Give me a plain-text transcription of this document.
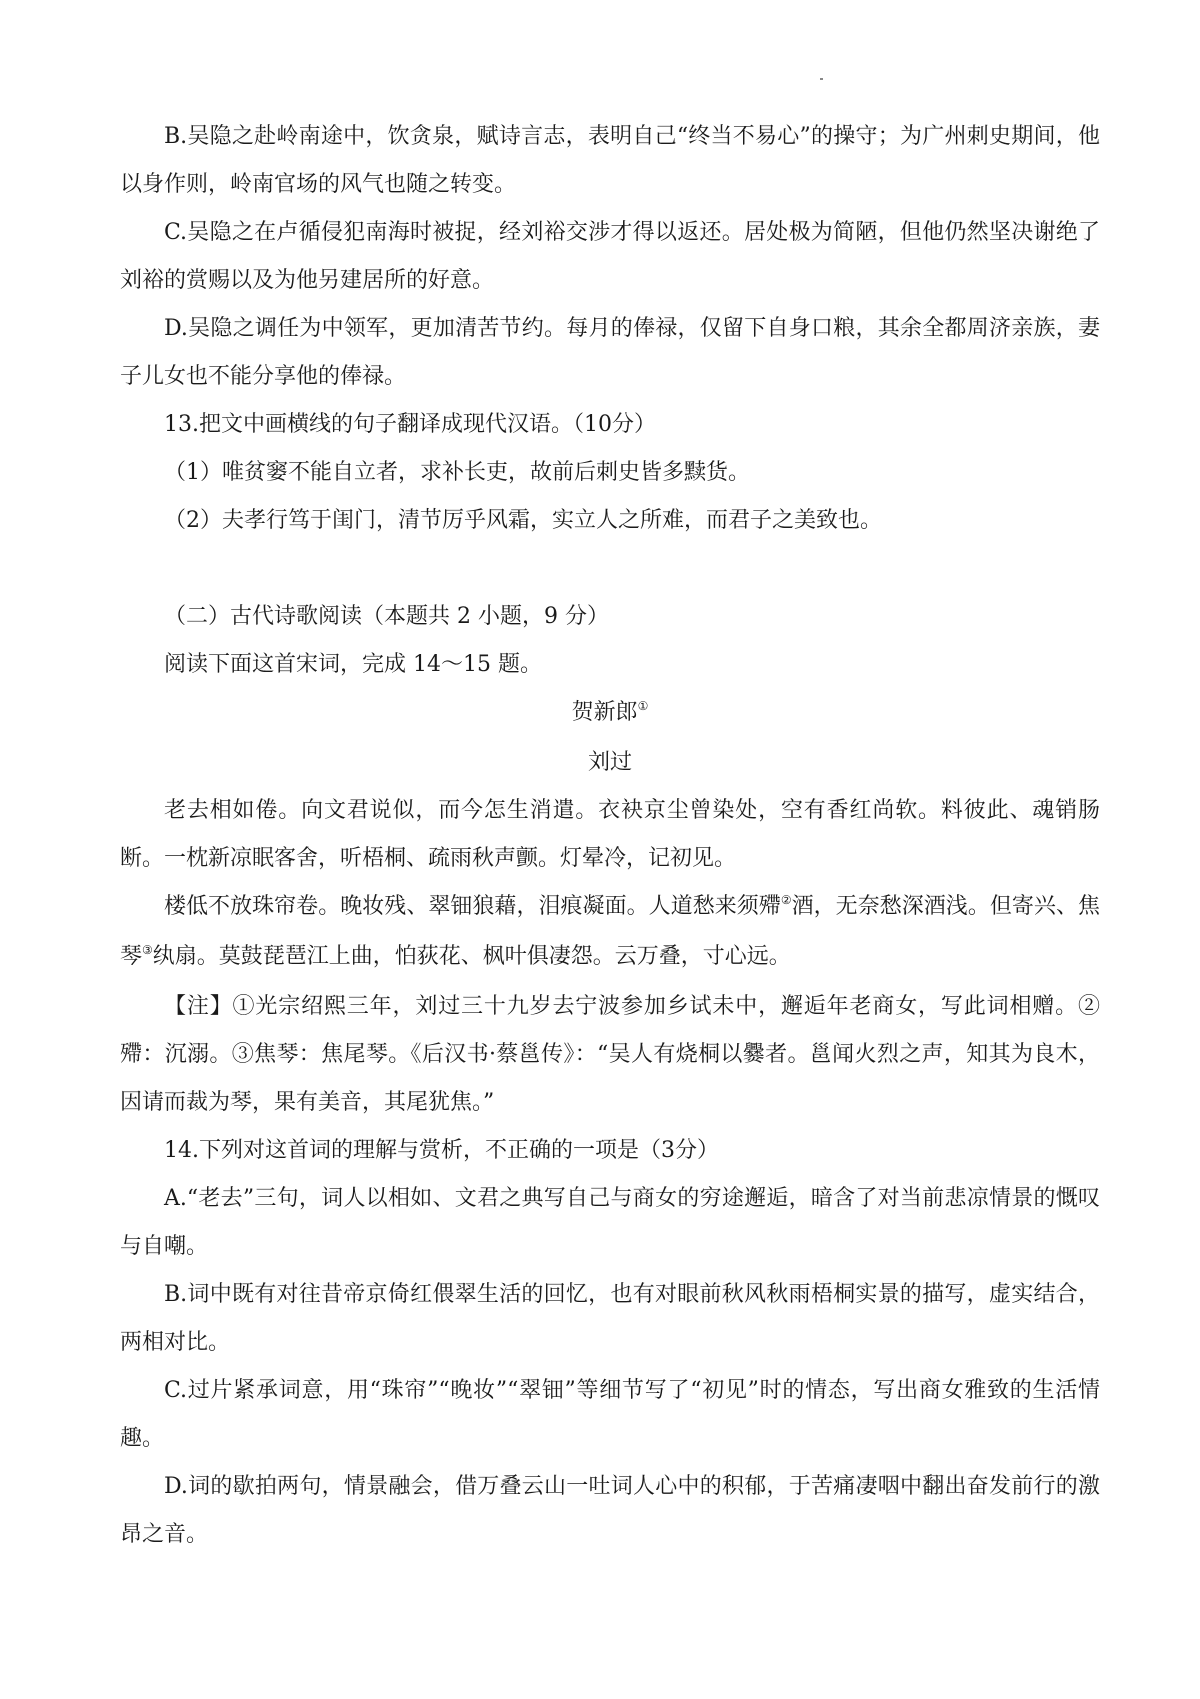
B.吴隐之赴岭南途中，饮贪泉，赋诗言志，表明自己“终当不易心”的操守；为广州刺史期间，他以身作则，岭南官场的风气也随之转变。

C.吴隐之在卢循侵犯南海时被捉，经刘裕交涉才得以返还。居处极为简陋，但他仍然坚决谢绝了刘裕的赏赐以及为他另建居所的好意。

D.吴隐之调任为中领军，更加清苦节约。每月的俸禄，仅留下自身口粮，其余全都周济亲族，妻子儿女也不能分享他的俸禄。

13.把文中画横线的句子翻译成现代汉语。（10分）

（1）唯贫窭不能自立者，求补长吏，故前后刺史皆多黩货。

（2）夫孝行笃于闺门，清节厉乎风霜，实立人之所难，而君子之美致也。

（二）古代诗歌阅读（本题共 2 小题，9 分）

阅读下面这首宋词，完成 14～15 题。

贺新郎①

刘过

老去相如倦。向文君说似，而今怎生消遣。衣袂京尘曾染处，空有香红尚软。料彼此、魂销肠断。一枕新凉眠客舍，听梧桐、疏雨秋声颤。灯晕冷，记初见。

楼低不放珠帘卷。晚妆残、翠钿狼藉，泪痕凝面。人道愁来须殢②酒，无奈愁深酒浅。但寄兴、焦琴③纨扇。莫鼓琵琶江上曲，怕荻花、枫叶俱凄怨。云万叠，寸心远。

【注】①光宗绍熙三年，刘过三十九岁去宁波参加乡试未中，邂逅年老商女，写此词相赠。②殢：沉溺。③焦琴：焦尾琴。《后汉书·蔡邕传》：“吴人有烧桐以爨者。邕闻火烈之声，知其为良木，因请而裁为琴，果有美音，其尾犹焦。”

14.下列对这首词的理解与赏析，不正确的一项是（3分）

A.“老去”三句，词人以相如、文君之典写自己与商女的穷途邂逅，暗含了对当前悲凉情景的慨叹与自嘲。

B.词中既有对往昔帝京倚红偎翠生活的回忆，也有对眼前秋风秋雨梧桐实景的描写，虚实结合，两相对比。

C.过片紧承词意，用“珠帘”“晚妆”“翠钿”等细节写了“初见”时的情态，写出商女雅致的生活情趣。

D.词的歇拍两句，情景融会，借万叠云山一吐词人心中的积郁，于苦痛凄咽中翻出奋发前行的激昂之音。
